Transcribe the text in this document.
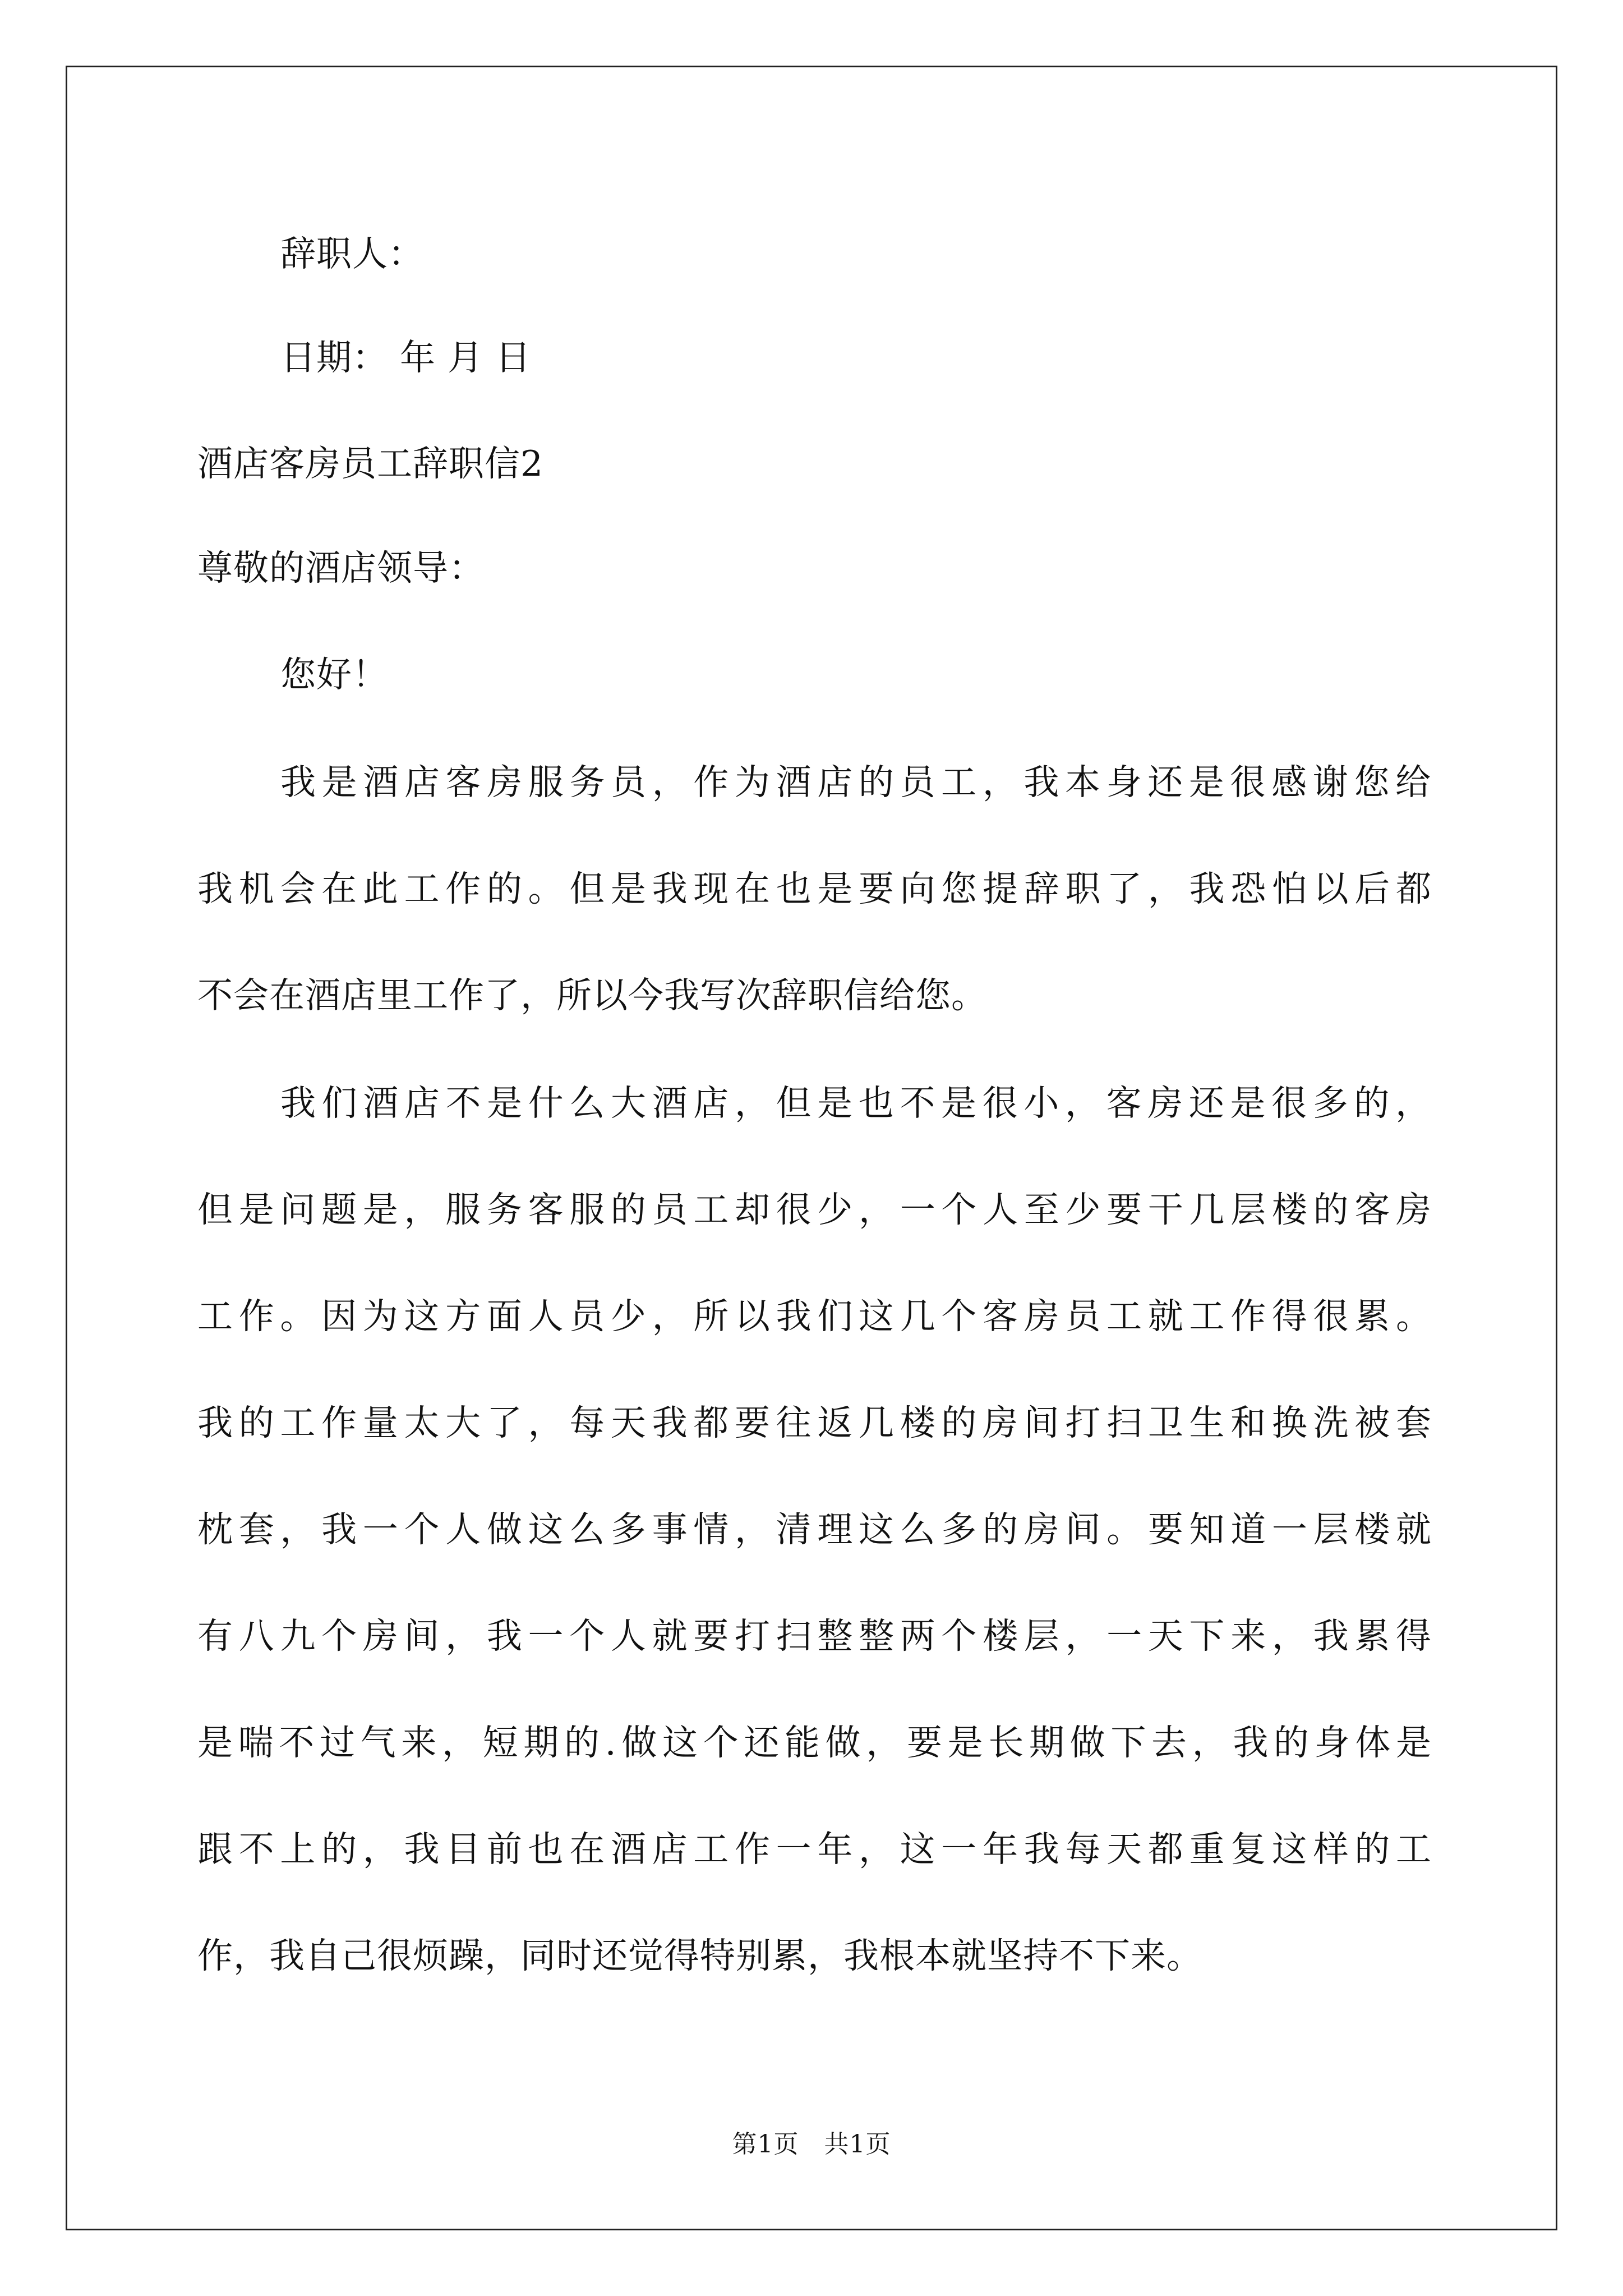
辞职人：
日期： 年 月 日
酒店客房员工辞职信2
尊敬的酒店领导：
您好！
我是酒店客房服务员，作为酒店的员工，我本身还是很感谢您给
我机会在此工作的。但是我现在也是要向您提辞职了，我恐怕以后都
不会在酒店里工作了，所以今我写次辞职信给您。
我们酒店不是什么大酒店，但是也不是很小，客房还是很多的，
但是问题是，服务客服的员工却很少，一个人至少要干几层楼的客房
工作。因为这方面人员少，所以我们这几个客房员工就工作得很累。
我的工作量太大了，每天我都要往返几楼的房间打扫卫生和换洗被套
枕套，我一个人做这么多事情，清理这么多的房间。要知道一层楼就
有八九个房间，我一个人就要打扫整整两个楼层，一天下来，我累得
是喘不过气来，短期的.做这个还能做，要是长期做下去，我的身体是
跟不上的，我目前也在酒店工作一年，这一年我每天都重复这样的工
作，我自己很烦躁，同时还觉得特别累，我根本就坚持不下来。
第1页   共1页
